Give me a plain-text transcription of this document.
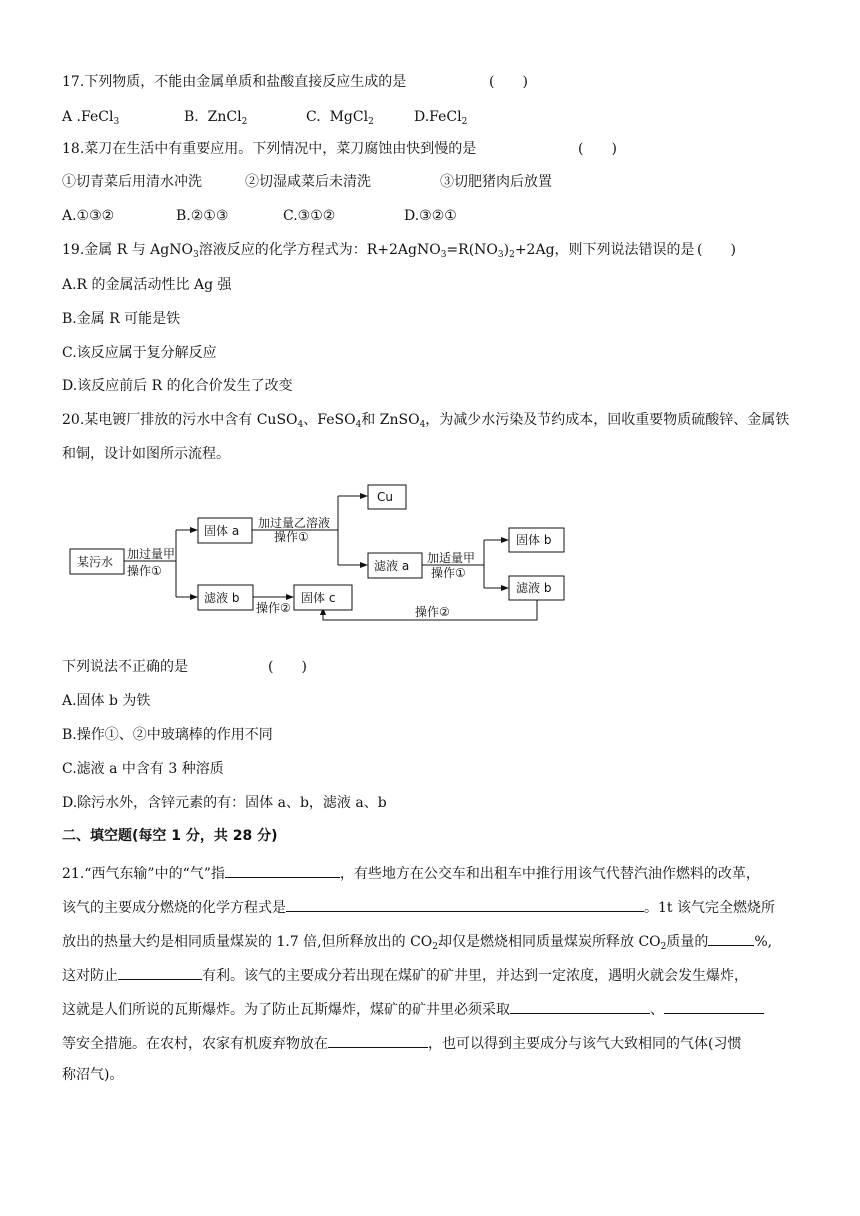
17.下列物质，不能由金属单质和盐酸直接反应生成的是	(　　)
A .FeCl$_3$	B.  ZnCl$_2$	C.  MgCl$_2$	D.FeCl$_2$
18.菜刀在生活中有重要应用。下列情况中，菜刀腐蚀由快到慢的是	(　　)
①切青菜后用清水冲洗	②切湿咸菜后未清洗	③切肥猪肉后放置
A.①③②	B.②①③	C.③①②	D.③②①
19.金属 R 与 AgNO$_3$溶液反应的化学方程式为：$R+2AgNO_3=R(NO_3)_2+2Ag$，则下列说法错误的是 (　　)
A.R 的金属活动性比 Ag 强
B.金属 R 可能是铁
C.该反应属于复分解反应
D.该反应前后 R 的化合价发生了改变
20.某电镀厂排放的污水中含有 CuSO$_4$、FeSO$_4$和 ZnSO$_4$，为减少水污染及节约成本，回收重要物质硫酸锌、金属铁
和铜，设计如图所示流程。
某污水
固体 a
滤液 b	固体 c
Cu
滤液 a
固体 b
滤液 b
加过量甲
操作①
加过量乙溶液
操作①
加适量甲
操作①
操作②	操作②
下列说法不正确的是	(　　)
A.固体 b 为铁
B.操作①、②中玻璃棒的作用不同
C.滤液 a 中含有 3 种溶质
D.除污水外，含锌元素的有：固体 a、b，滤液 a、b
二、填空题(每空 1 分，共 28 分)
21.“西气东输”中的“气”指	，有些地方在公交车和出租车中推行用该气代替汽油作燃料的改革，
该气的主要成分燃烧的化学方程式是	。1t 该气完全燃烧所
放出的热量大约是相同质量煤炭的 1.7 倍,但所释放出的 $CO_2$却仅是燃烧相同质量煤炭所释放 $CO_2$质量的	%,
这对防止	有利。该气的主要成分若出现在煤矿的矿井里，并达到一定浓度，遇明火就会发生爆炸，
这就是人们所说的瓦斯爆炸。为了防止瓦斯爆炸，煤矿的矿井里必须采取	、
等安全措施。在农村，农家有机废弃物放在	，也可以得到主要成分与该气大致相同的气体(习惯
称沼气)。
